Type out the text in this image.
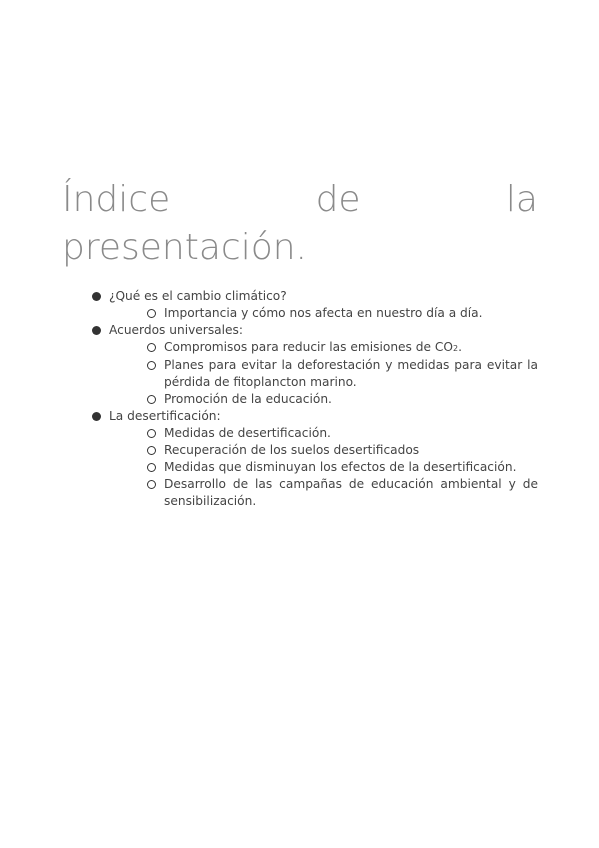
Índice	de	la
presentación.
¿Qué es el cambio climático?
Importancia y cómo nos afecta en nuestro día a día.
Acuerdos universales:
Compromisos para reducir las emisiones de CO2.
Planes para evitar la deforestación y medidas para evitar la pérdida de fitoplancton marino.
Promoción de la educación.
La desertificación:
Medidas de desertificación.
Recuperación de los suelos desertificados
Medidas que disminuyan los efectos de la desertificación.
Desarrollo de las campañas de educación ambiental y de sensibilización.
